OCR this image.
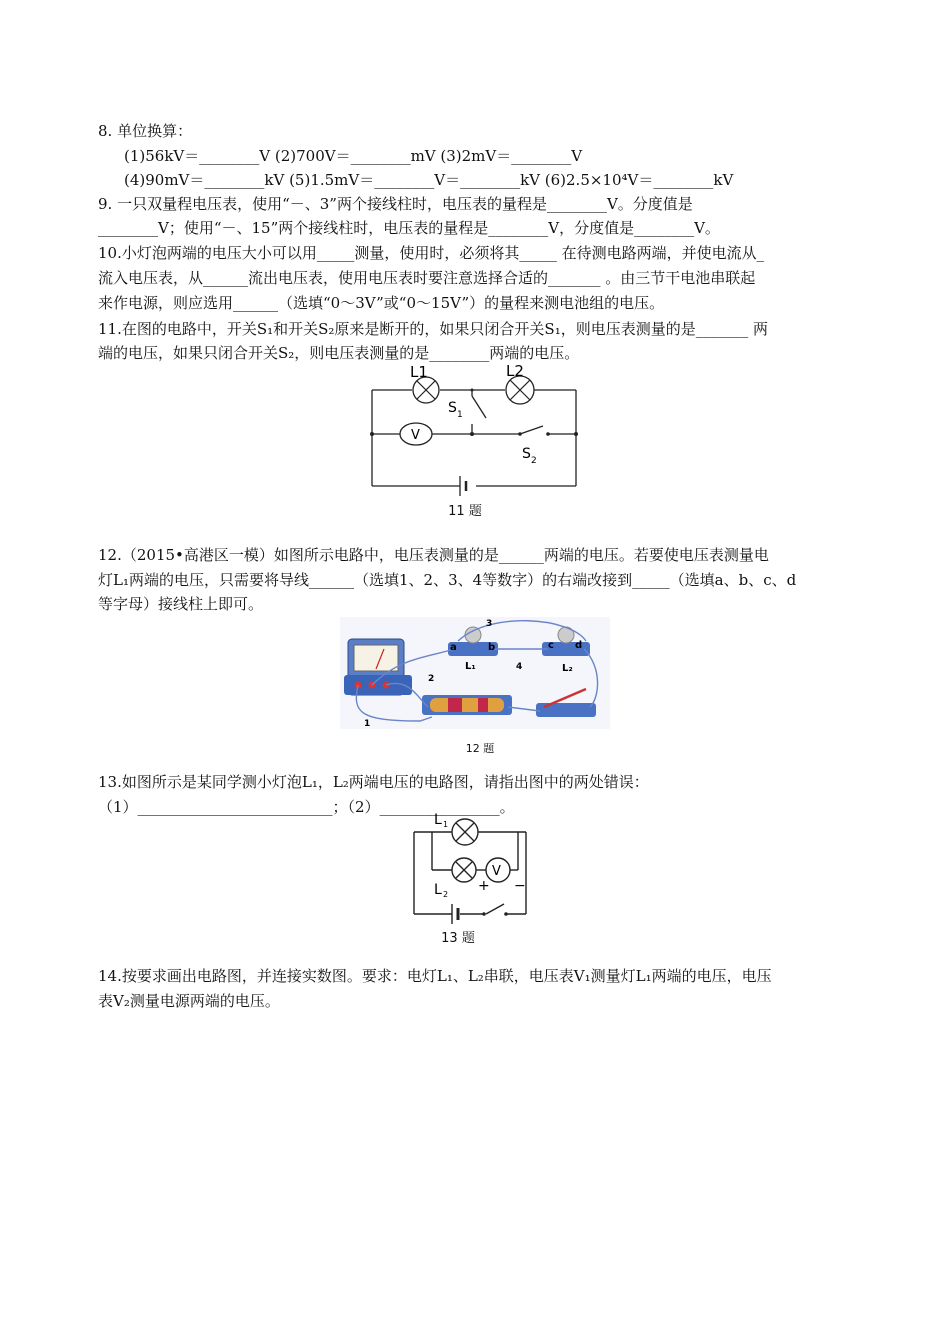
8. 单位换算：
(1)56kV＝________V (2)700V＝________mV (3)2mV＝________V
(4)90mV＝________kV (5)1.5mV＝________V＝________kV (6)2.5×10⁴V＝________kV
9. 一只双量程电压表，使用“－、3”两个接线柱时，电压表的量程是________V。分度值是
________V；使用“－、15”两个接线柱时，电压表的量程是________V，分度值是________V。
10.小灯泡两端的电压大小可以用_____测量，使用时，必须将其_____ 在待测电路两端，并使电流从_
流入电压表，从______流出电压表，使用电压表时要注意选择合适的_______ 。由三节干电池串联起
来作电源，则应选用______（选填“0～3V”或“0～15V”）的量程来测电池组的电压。
11.在图的电路中，开关S₁和开关S₂原来是断开的，如果只闭合开关S₁，则电压表测量的是_______ 两
端的电压，如果只闭合开关S₂，则电压表测量的是________两端的电压。
L1	L2
V
S 1
S 2
11 题
12.（2015•高港区一模）如图所示电路中，电压表测量的是______两端的电压。若要使电压表测量电
灯L₁两端的电压，只需要将导线______（选填1、2、3、4等数字）的右端改接到_____（选填a、b、c、d
等字母）接线柱上即可。
a	b	c d
L₁	L₂
1
2
3
4
12 题
13.如图所示是某同学测小灯泡L₁，L₂两端电压的电路图，请指出图中的两处错误：
（1）__________________________；（2）________________。
L 1
V
L 2
+ −
13 题
14.按要求画出电路图，并连接实数图。要求：电灯L₁、L₂串联，电压表V₁测量灯L₁两端的电压，电压
表V₂测量电源两端的电压。
